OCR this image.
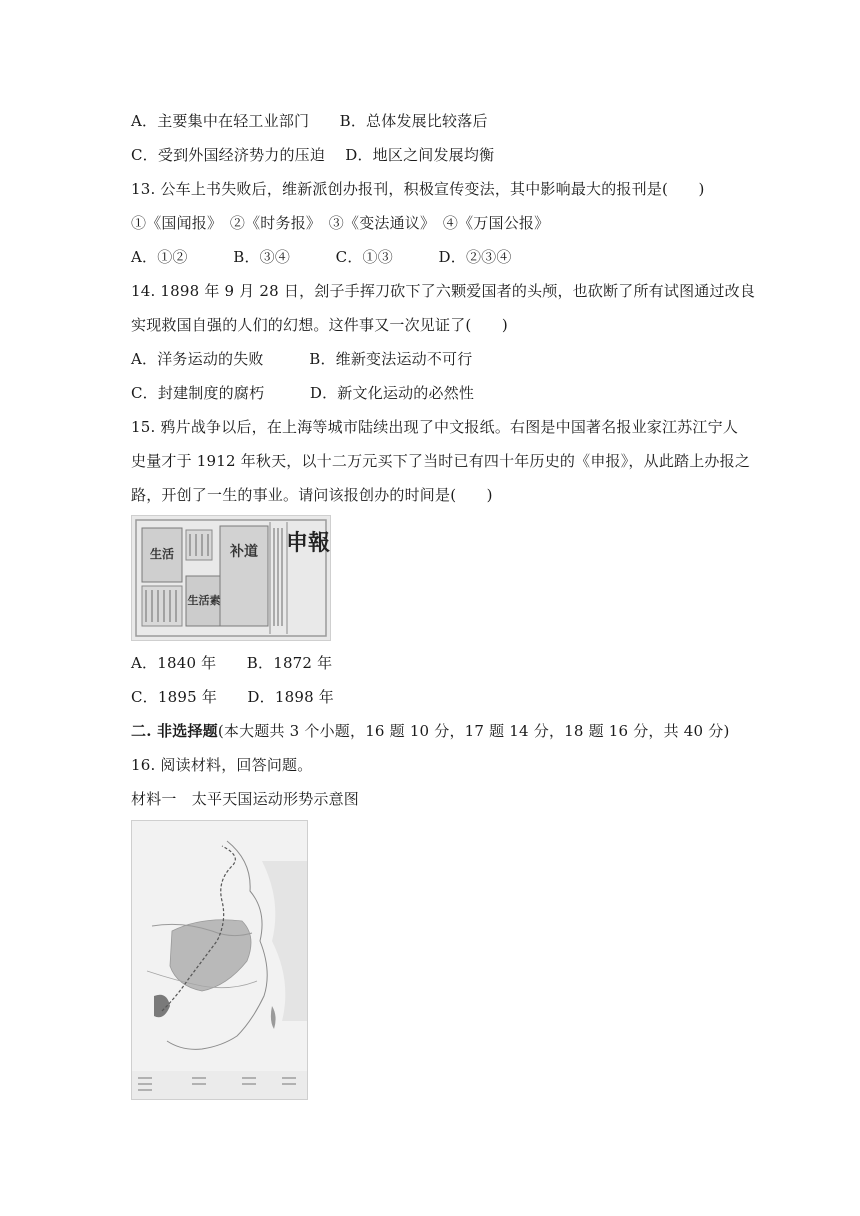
A．主要集中在轻工业部门　　B．总体发展比较落后
C．受到外国经济势力的压迫　 D．地区之间发展均衡
13. 公车上书失败后，维新派创办报刊，积极宣传变法，其中影响最大的报刊是(　　)
①《国闻报》　②《时务报》　③《变法通议》　④《万国公报》
A．①②　　　B．③④　　　C．①③　　　D．②③④
14. 1898 年 9 月 28 日，刽子手挥刀砍下了六颗爱国者的头颅，也砍断了所有试图通过改良
实现救国自强的人们的幻想。这件事又一次见证了(　　)
A．洋务运动的失败　　　B．维新变法运动不可行
C．封建制度的腐朽　　　D．新文化运动的必然性
15. 鸦片战争以后，在上海等城市陆续出现了中文报纸。右图是中国著名报业家江苏江宁人
史量才于 1912 年秋天，以十二万元买下了当时已有四十年历史的《申报》，从此踏上办报之
路，开创了一生的事业。请问该报创办的时间是(　　)
申報
生活
生活素
补道
A．1840 年　　B．1872 年
C．1895 年　　D．1898 年
二. 非选择题(本大题共 3 个小题，16 题 10 分，17 题 14 分，18 题 16 分，共 40 分)
16. 阅读材料，回答问题。
材料一　太平天国运动形势示意图
